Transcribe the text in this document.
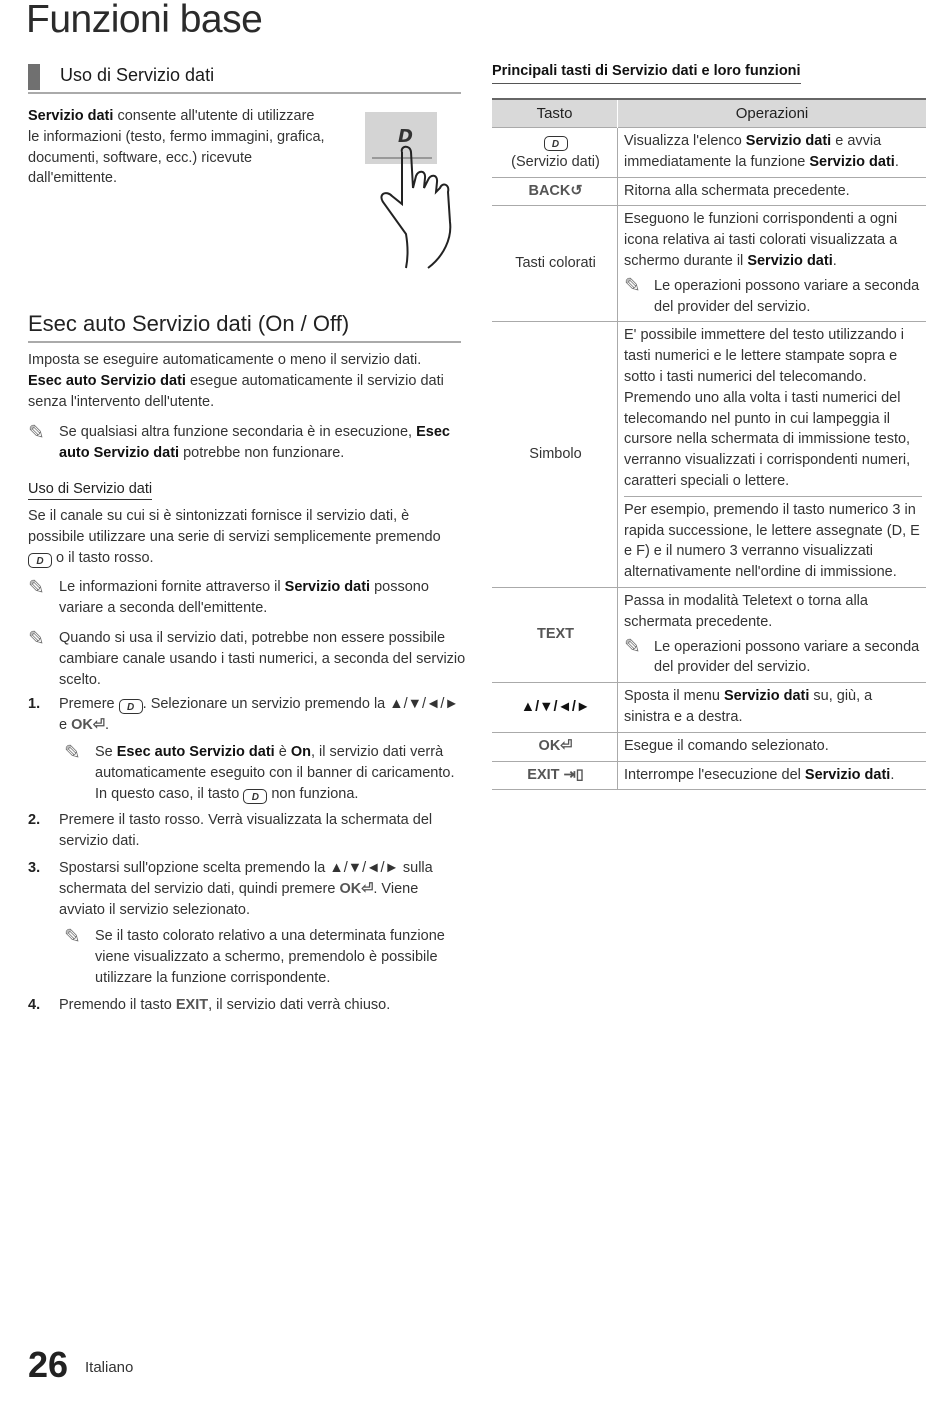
Funzioni base
Uso di Servizio dati
Servizio dati consente all'utente di utilizzare le informazioni (testo, fermo immagini, grafica, documenti, software, ecc.) ricevute dall'emittente.
D
Esec auto Servizio dati (On / Off)
Imposta se eseguire automaticamente o meno il servizio dati. Esec auto Servizio dati esegue automaticamente il servizio dati senza l'intervento dell'utente.
✎ Se qualsiasi altra funzione secondaria è in esecuzione, Esec auto Servizio dati potrebbe non funzionare.
Uso di Servizio dati
Se il canale su cui si è sintonizzati fornisce il servizio dati, è possibile utilizzare una serie di servizi semplicemente premendo D o il tasto rosso.
✎ Le informazioni fornite attraverso il Servizio dati possono variare a seconda dell'emittente.
✎ Quando si usa il servizio dati, potrebbe non essere possibile cambiare canale usando i tasti numerici, a seconda del servizio scelto.
1.	Premere D . Selezionare un servizio premendo la ▲/▼/◄/► e OK⏎.
✎ Se Esec auto Servizio dati è On, il servizio dati verrà automaticamente eseguito con il banner di caricamento. In questo caso, il tasto D non funziona.
2.	Premere il tasto rosso. Verrà visualizzata la schermata del servizio dati.
3.	Spostarsi sull'opzione scelta premendo la ▲/▼/◄/► sulla schermata del servizio dati, quindi premere OK⏎. Viene avviato il servizio selezionato.
✎ Se il tasto colorato relativo a una determinata funzione viene visualizzato a schermo, premendolo è possibile utilizzare la funzione corrispondente.
4.	Premendo il tasto EXIT, il servizio dati verrà chiuso.
Principali tasti di Servizio dati e loro funzioni
Tasto	Operazioni
D
(Servizio dati)	Visualizza l'elenco Servizio dati e avvia immediatamente la funzione Servizio dati.
BACK↺	Ritorna alla schermata precedente.
Tasti colorati	Eseguono le funzioni corrispondenti a ogni icona relativa ai tasti colorati visualizzata a schermo durante il Servizio dati.
✎ Le operazioni possono variare a seconda del provider del servizio.

Simbolo	E' possibile immettere del testo utilizzando i tasti numerici e le lettere stampate sopra e sotto i tasti numerici del telecomando. Premendo uno alla volta i tasti numerici del telecomando nel punto in cui lampeggia il cursore nella schermata di immissione testo, verranno visualizzati i corrispondenti numeri, caratteri speciali o lettere.
Per esempio, premendo il tasto numerico 3 in rapida successione, le lettere assegnate (D, E e F) e il numero 3 verranno visualizzati alternativamente nell'ordine di immissione.

TEXT	Passa in modalità Teletext o torna alla schermata precedente.
✎ Le operazioni possono variare a seconda del provider del servizio.

▲/▼/◄/►	Sposta il menu Servizio dati su, giù, a sinistra e a destra.
OK⏎	Esegue il comando selezionato.
EXIT ⇥▯	Interrompe l'esecuzione del Servizio dati.
26 Italiano
